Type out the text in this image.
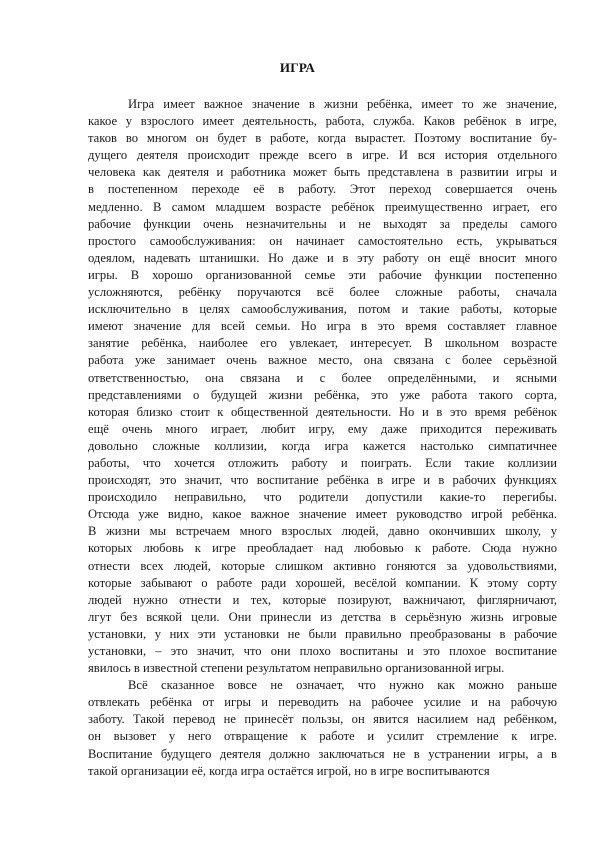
ИГРА
Игра имеет важное значение в жизни ребёнка, имеет то же значение,
какое у взрослого имеет деятельность, работа, служба. Каков ребёнок в игре,
таков во многом он будет в работе, когда вырастет. Поэтому воспитание бу-
дущего деятеля происходит прежде всего в игре. И вся история отдельного
человека как деятеля и работника может быть представлена в развитии игры и
в постепенном переходе её в работу. Этот переход совершается очень
медленно. В самом младшем возрасте ребёнок преимущественно играет, его
рабочие функции очень незначительны и не выходят за пределы самого
простого самообслуживания: он начинает самостоятельно есть, укрываться
одеялом, надевать штанишки. Но даже и в эту работу он ещё вносит много
игры. В хорошо организованной семье эти рабочие функции постепенно
усложняются, ребёнку поручаются всё более сложные работы, сначала
исключительно в целях самообслуживания, потом и такие работы, которые
имеют значение для всей семьи. Но игра в это время составляет главное
занятие ребёнка, наиболее его увлекает, интересует. В школьном возрасте
работа уже занимает очень важное место, она связана с более серьёзной
ответственностью, она связана и с более определёнными, и ясными
представлениями о будущей жизни ребёнка, это уже работа такого сорта,
которая близко стоит к общественной деятельности. Но и в это время ребёнок
ещё очень много играет, любит игру, ему даже приходится переживать
довольно сложные коллизии, когда игра кажется настолько симпатичнее
работы, что хочется отложить работу и поиграть. Если такие коллизии
происходят, это значит, что воспитание ребёнка в игре и в рабочих функциях
происходило неправильно, что родители допустили какие-то перегибы.
Отсюда уже видно, какое важное значение имеет руководство игрой ребёнка.
В жизни мы встречаем много взрослых людей, давно окончивших школу, у
которых любовь к игре преобладает над любовью к работе. Сюда нужно
отнести всех людей, которые слишком активно гоняются за удовольствиями,
которые забывают о работе ради хорошей, весёлой компании. К этому сорту
людей нужно отнести и тех, которые позируют, важничают, фиглярничают,
лгут без всякой цели. Они принесли из детства в серьёзную жизнь игровые
установки, у них эти установки не были правильно преобразованы в рабочие
установки, – это значит, что они плохо воспитаны и это плохое воспитание
явилось в известной степени результатом неправильно организованной игры.
Всё сказанное вовсе не означает, что нужно как можно раньше
отвлекать ребёнка от игры и переводить на рабочее усилие и на рабочую
заботу. Такой перевод не принесёт пользы, он явится насилием над ребёнком,
он вызовет у него отвращение к работе и усилит стремление к игре.
Воспитание будущего деятеля должно заключаться не в устранении игры, а в
такой организации её, когда игра остаётся игрой, но в игре воспитываются
